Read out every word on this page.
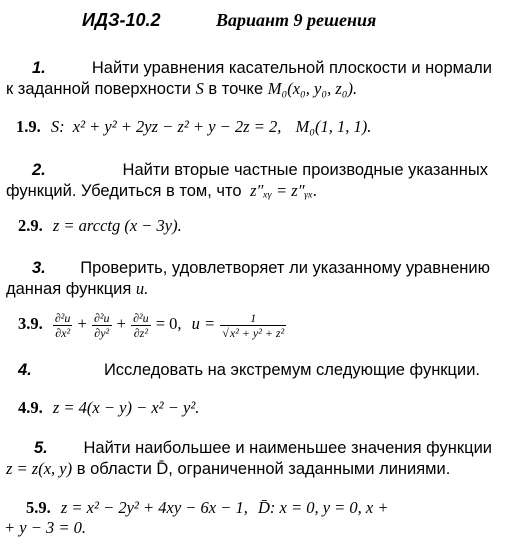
ИДЗ-10.2	Вариант 9 решения
1.	Найти уравнения касательной плоскости и нормали
к заданной поверхности S в точке M₀(x₀, y₀, z₀).
1.9. S: x² + y² + 2yz − z² + y − 2z = 2, M₀(1, 1, 1).
2.	Найти вторые частные производные указанных
функций. Убедиться в том, что z″ₓᵧ = z″ᵧₓ.
2.9. z = arcctg (x − 3y).
3. Проверить, удовлетворяет ли указанному уравнению
данная функция u.
3.9. $\frac{\text{∂²u}}{\text{∂x²}} + \frac{\text{∂²u}}{\text{∂y²}} + \frac{\text{∂²u}}{\text{∂z²}} = 0$, $u = \frac{1}{\text{√x² + y² + z²}}$
4.	Исследовать на экстремум следующие функции.
4.9. z = 4(x − y) − x² − y².
5. Найти наибольшее и наименьшее значения функции
z = z(x, y) в области D̄, ограниченной заданными линиями.
5.9. z = x² − 2y² + 4xy − 6x − 1, D̄: x = 0, y = 0, x +
+ y − 3 = 0.
